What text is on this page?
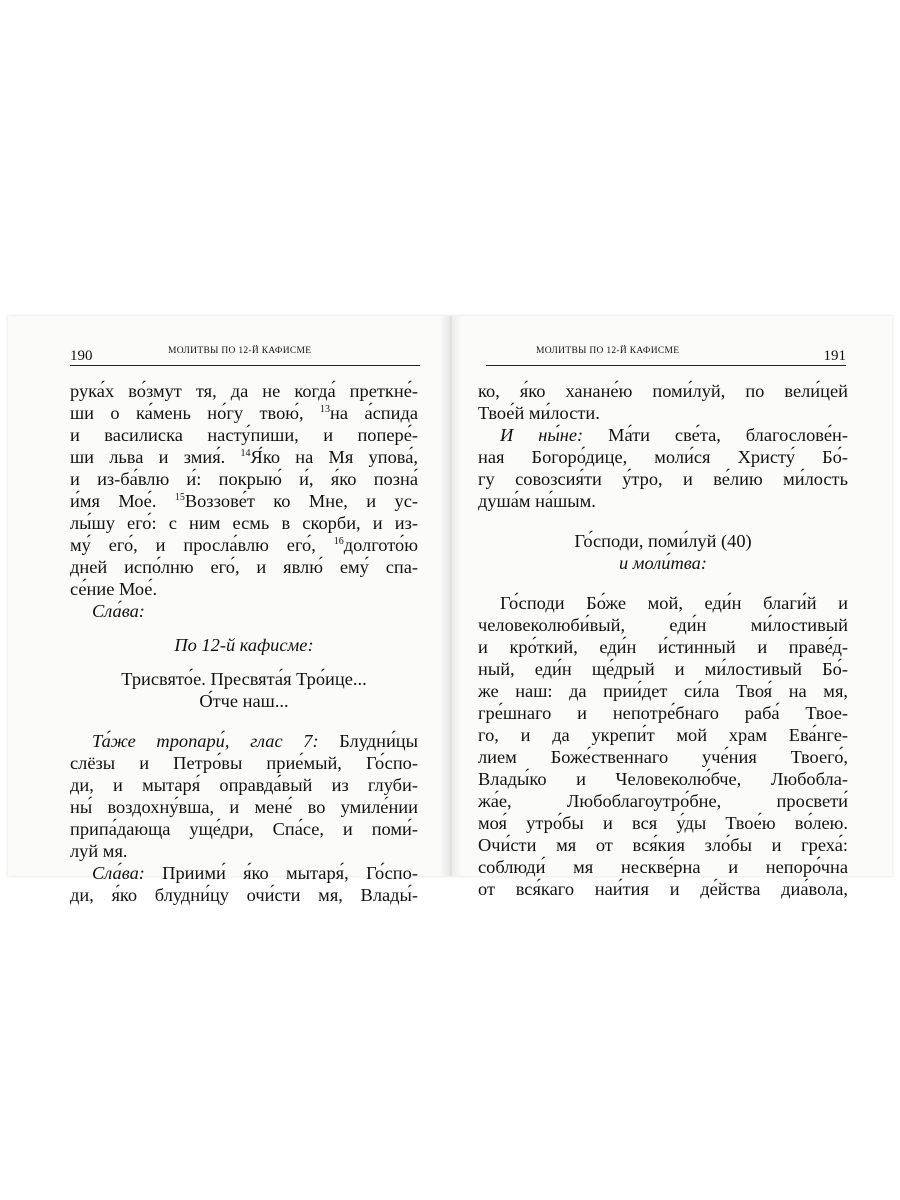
190	МОЛИТВЫ ПО 12-Й КАФИСМЕ
рука́х во́змут тя, да не когда́ преткне́-
ши о ка́мень но́гу твою́, $^{13}$на а́спида
и василиска насту́пиши, и попере́-
ши льва и змия́. $^{14}$Я́ко на Мя упова́,
и из-ба́влю и́: покрыю́ и́, я́ко позна́
и́мя Мое́. $^{15}$Воззове́т ко Мне, и ус-
лы́шу его́: с ним есмь в скорби, и из-
му́ его́, и просла́влю его́, $^{16}$долгото́ю
дней испо́лню его́, и явлю́ ему́ спа-
се́ние Мое́.
Сла́ва:
По 12-й кафисме:
Трисвято́е. Пресвята́я Тро́ице...
О́тче наш...
Та́же тропари́, глас 7: Блудни́цы
слёзы и Петро́вы прие́мый, Го́спо-
ди, и мытаря́ оправда́вый из глуби-
ны́ воздохну́вша, и мене́ во умиле́нии
припа́дающа уще́дри, Спа́се, и поми́-
луй мя.
Сла́ва: Приими́ я́ко мытаря́, Го́спо-
ди, я́ко блудни́цу очи́сти мя, Влады́-
МОЛИТВЫ ПО 12-Й КАФИСМЕ	191
ко, я́ко ханане́ю поми́луй, по вели́цей
Твое́й ми́лости.
И ны́не: Ма́ти све́та, благослове́н-
ная Богоро́дице, моли́ся Христу́ Бо́-
гу совозсия́ти у́тро, и ве́лию ми́лость
душа́м на́шым.
Го́споди, поми́луй (40)
и моли́тва:
Го́споди Бо́же мой, еди́н благи́й и
человеколюби́вый, еди́н ми́лостивый
и кро́ткий, еди́н и́стинный и праве́д-
ный, еди́н ще́дрый и ми́лостивый Бо́-
же наш: да прии́дет си́ла Твоя́ на мя,
гре́шнаго и непотре́бнаго раба́ Твое-
го, и да укрепи́т мой храм Ева́нге-
лием Боже́ственнаго уче́ния Твоего́,
Влады́ко и Человеколю́бче, Любобла-
жа́е, Любоблагоутро́бне, просвети́
моя́ утро́бы и вся у́ды Твое́ю во́лею.
Очи́сти мя от вся́кия зло́бы и греха́:
соблюди́ мя нескве́рна и непоро́чна
от вся́каго наи́тия и де́йства диа́вола,
